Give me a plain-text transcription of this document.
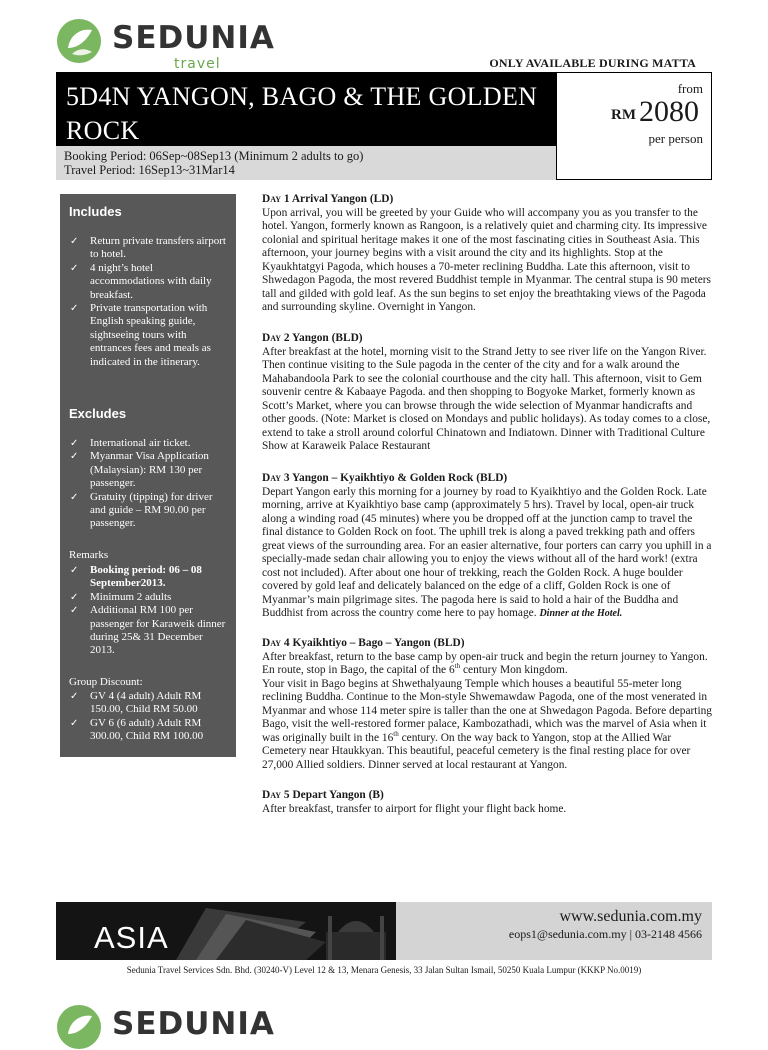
SEDUNIA
travel	ONLY AVAILABLE DURING MATTA
5D4N YANGON, BAGO & THE GOLDEN
ROCK
from
RM 2080
per person
Booking Period: 06Sep~08Sep13 (Minimum 2 adults to go)
Travel Period: 16Sep13~31Mar14
Includes
✓ Return private transfers airport to hotel.
✓ 4 night’s hotel accommodations with daily breakfast.
✓ Private transportation with English speaking guide, sightseeing tours with entrances fees and meals as indicated in the itinerary.
Excludes
✓ International air ticket.
✓ Myanmar Visa Application (Malaysian): RM 130 per passenger.
✓ Gratuity (tipping) for driver and guide – RM 90.00 per passenger.
Remarks
✓ Booking period: 06 – 08 September2013.
✓ Minimum 2 adults
✓ Additional RM 100 per passenger for Karaweik dinner during 25& 31 December 2013.
Group Discount:
✓ GV 4 (4 adult) Adult RM 150.00, Child RM 50.00
✓ GV 6 (6 adult) Adult RM 300.00, Child RM 100.00
Day 1 Arrival Yangon (LD)

Upon arrival, you will be greeted by your Guide who will accompany you as you transfer to the hotel. Yangon, formerly known as Rangoon, is a relatively quiet and charming city. Its impressive colonial and spiritual heritage makes it one of the most fascinating cities in Southeast Asia. This afternoon, your journey begins with a visit around the city and its highlights. Stop at the Kyaukhtatgyi Pagoda, which houses a 70-meter reclining Buddha. Late this afternoon, visit to Shwedagon Pagoda, the most revered Buddhist temple in Myanmar. The central stupa is 90 meters tall and gilded with gold leaf. As the sun begins to set enjoy the breathtaking views of the Pagoda and surrounding skyline. Overnight in Yangon.

Day 2 Yangon (BLD)

After breakfast at the hotel, morning visit to the Strand Jetty to see river life on the Yangon River. Then continue visiting to the Sule pagoda in the center of the city and for a walk around the Mahabandoola Park to see the colonial courthouse and the city hall. This afternoon, visit to Gem souvenir centre & Kabaaye Pagoda. and then shopping to Bogyoke Market, formerly known as Scott’s Market, where you can browse through the wide selection of Myanmar handicrafts and other goods. (Note: Market is closed on Mondays and public holidays). As today comes to a close, extend to take a stroll around colorful Chinatown and Indiatown. Dinner with Traditional Culture Show at Karaweik Palace Restaurant

Day 3 Yangon – Kyaikhtiyo & Golden Rock (BLD)

Depart Yangon early this morning for a journey by road to Kyaikhtiyo and the Golden Rock. Late morning, arrive at Kyaikhtiyo base camp (approximately 5 hrs). Travel by local, open-air truck along a winding road (45 minutes) where you be dropped off at the junction camp to travel the final distance to Golden Rock on foot. The uphill trek is along a paved trekking path and offers great views of the surrounding area. For an easier alternative, four porters can carry you uphill in a specially-made sedan chair allowing you to enjoy the views without all of the hard work! (extra cost not included). After about one hour of trekking, reach the Golden Rock. A huge boulder covered by gold leaf and delicately balanced on the edge of a cliff, Golden Rock is one of Myanmar’s main pilgrimage sites. The pagoda here is said to hold a hair of the Buddha and Buddhist from across the country come here to pay homage. Dinner at the Hotel.

Day 4 Kyaikhtiyo – Bago – Yangon (BLD)

After breakfast, return to the base camp by open-air truck and begin the return journey to Yangon. En route, stop in Bago, the capital of the 6th century Mon kingdom.
Your visit in Bago begins at Shwethalyaung Temple which houses a beautiful 55-meter long reclining Buddha. Continue to the Mon-style Shwemawdaw Pagoda, one of the most venerated in Myanmar and whose 114 meter spire is taller than the one at Shwedagon Pagoda. Before departing Bago, visit the well-restored former palace, Kambozathadi, which was the marvel of Asia when it was originally built in the 16th century. On the way back to Yangon, stop at the Allied War Cemetery near Htaukkyan. This beautiful, peaceful cemetery is the final resting place for over 27,000 Allied soldiers. Dinner served at local restaurant at Yangon.

Day 5 Depart Yangon (B)

After breakfast, transfer to airport for flight your flight back home.

ASIA
www.sedunia.com.my
eops1@sedunia.com.my | 03-2148 4566
Sedunia Travel Services Sdn. Bhd. (30240-V) Level 12 & 13, Menara Genesis, 33 Jalan Sultan Ismail, 50250 Kuala Lumpur (KKKP No.0019)
SEDUNIA
